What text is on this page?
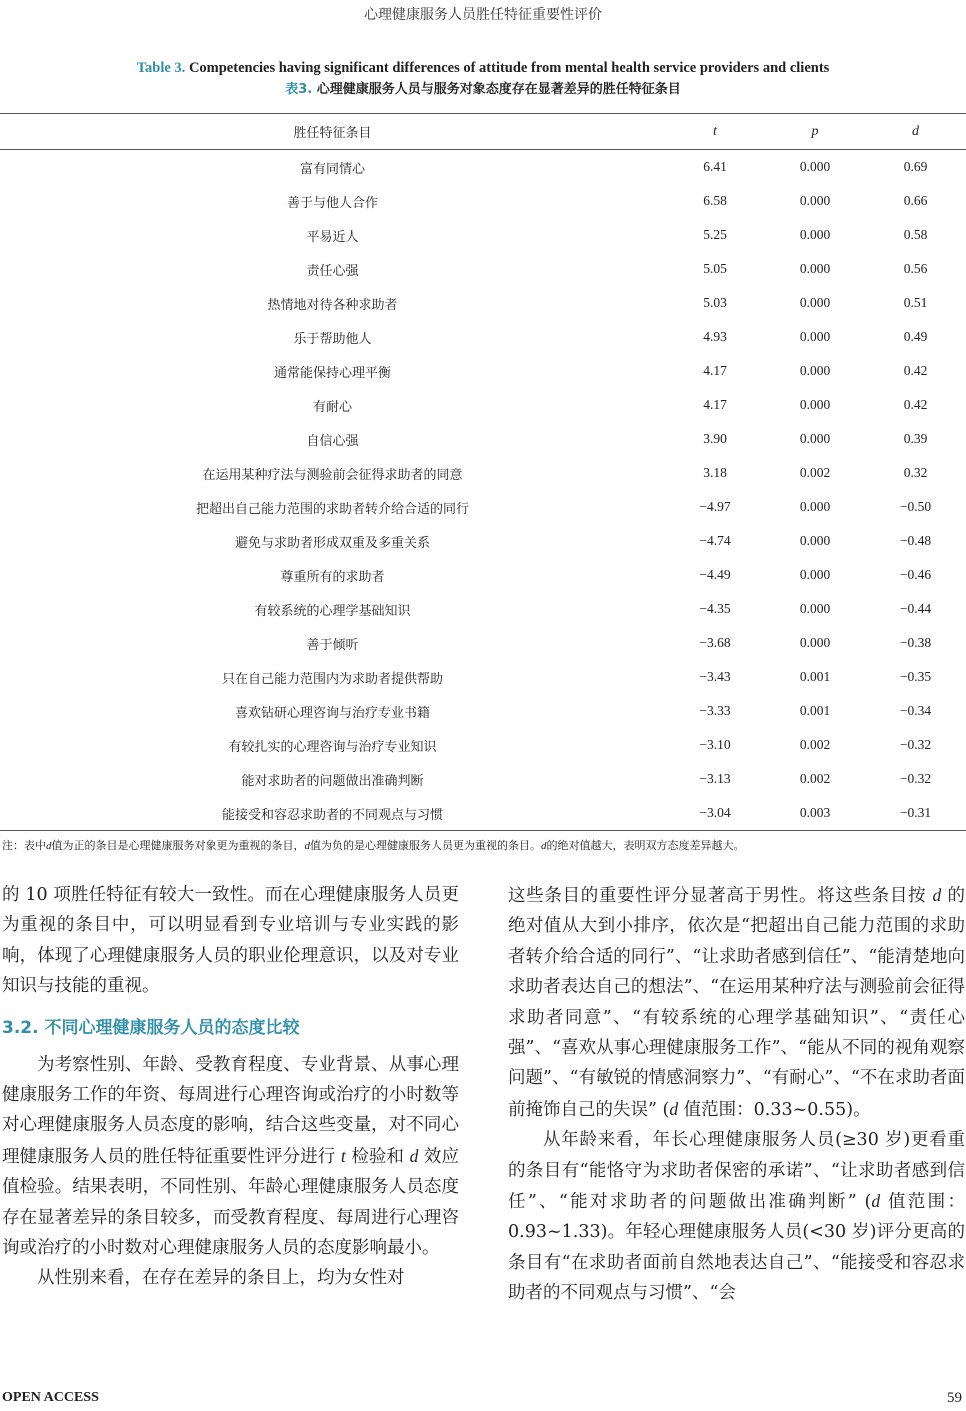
心理健康服务人员胜任特征重要性评价
Table 3. Competencies having significant differences of attitude from mental health service providers and clients
表3. 心理健康服务人员与服务对象态度存在显著差异的胜任特征条目
胜任特征条目	t	p	d
富有同情心	6.41	0.000	0.69
善于与他人合作	6.58	0.000	0.66
平易近人	5.25	0.000	0.58
责任心强	5.05	0.000	0.56
热情地对待各种求助者	5.03	0.000	0.51
乐于帮助他人	4.93	0.000	0.49
通常能保持心理平衡	4.17	0.000	0.42
有耐心	4.17	0.000	0.42
自信心强	3.90	0.000	0.39
在运用某种疗法与测验前会征得求助者的同意	3.18	0.002	0.32
把超出自己能力范围的求助者转介给合适的同行	−4.97	0.000	−0.50
避免与求助者形成双重及多重关系	−4.74	0.000	−0.48
尊重所有的求助者	−4.49	0.000	−0.46
有较系统的心理学基础知识	−4.35	0.000	−0.44
善于倾听	−3.68	0.000	−0.38
只在自己能力范围内为求助者提供帮助	−3.43	0.001	−0.35
喜欢钻研心理咨询与治疗专业书籍	−3.33	0.001	−0.34
有较扎实的心理咨询与治疗专业知识	−3.10	0.002	−0.32
能对求助者的问题做出准确判断	−3.13	0.002	−0.32
能接受和容忍求助者的不同观点与习惯	−3.04	0.003	−0.31
注：表中d值为正的条目是心理健康服务对象更为重视的条目，d值为负的是心理健康服务人员更为重视的条目。d的绝对值越大，表明双方态度差异越大。

的 10 项胜任特征有较大一致性。而在心理健康服务人员更为重视的条目中，可以明显看到专业培训与专业实践的影响，体现了心理健康服务人员的职业伦理意识，以及对专业知识与技能的重视。

3.2. 不同心理健康服务人员的态度比较

为考察性别、年龄、受教育程度、专业背景、从事心理健康服务工作的年资、每周进行心理咨询或治疗的小时数等对心理健康服务人员态度的影响，结合这些变量，对不同心理健康服务人员的胜任特征重要性评分进行 t 检验和 d 效应值检验。结果表明，不同性别、年龄心理健康服务人员态度存在显著差异的条目较多，而受教育程度、每周进行心理咨询或治疗的小时数对心理健康服务人员的态度影响最小。

从性别来看，在存在差异的条目上，均为女性对

这些条目的重要性评分显著高于男性。将这些条目按 d 的绝对值从大到小排序，依次是“把超出自己能力范围的求助者转介给合适的同行”、“让求助者感到信任”、“能清楚地向求助者表达自己的想法”、“在运用某种疗法与测验前会征得求助者同意”、“有较系统的心理学基础知识”、“责任心强”、“喜欢从事心理健康服务工作”、“能从不同的视角观察问题”、“有敏锐的情感洞察力”、“有耐心”、“不在求助者面前掩饰自己的失误” (d 值范围：0.33~0.55)。

从年龄来看，年长心理健康服务人员(≥30 岁)更看重的条目有“能恪守为求助者保密的承诺”、“让求助者感到信任”、“能对求助者的问题做出准确判断” (d 值范围：0.93~1.33)。年轻心理健康服务人员(<30 岁)评分更高的条目有“在求助者面前自然地表达自己”、“能接受和容忍求助者的不同观点与习惯”、“会

OPEN ACCESS	59
